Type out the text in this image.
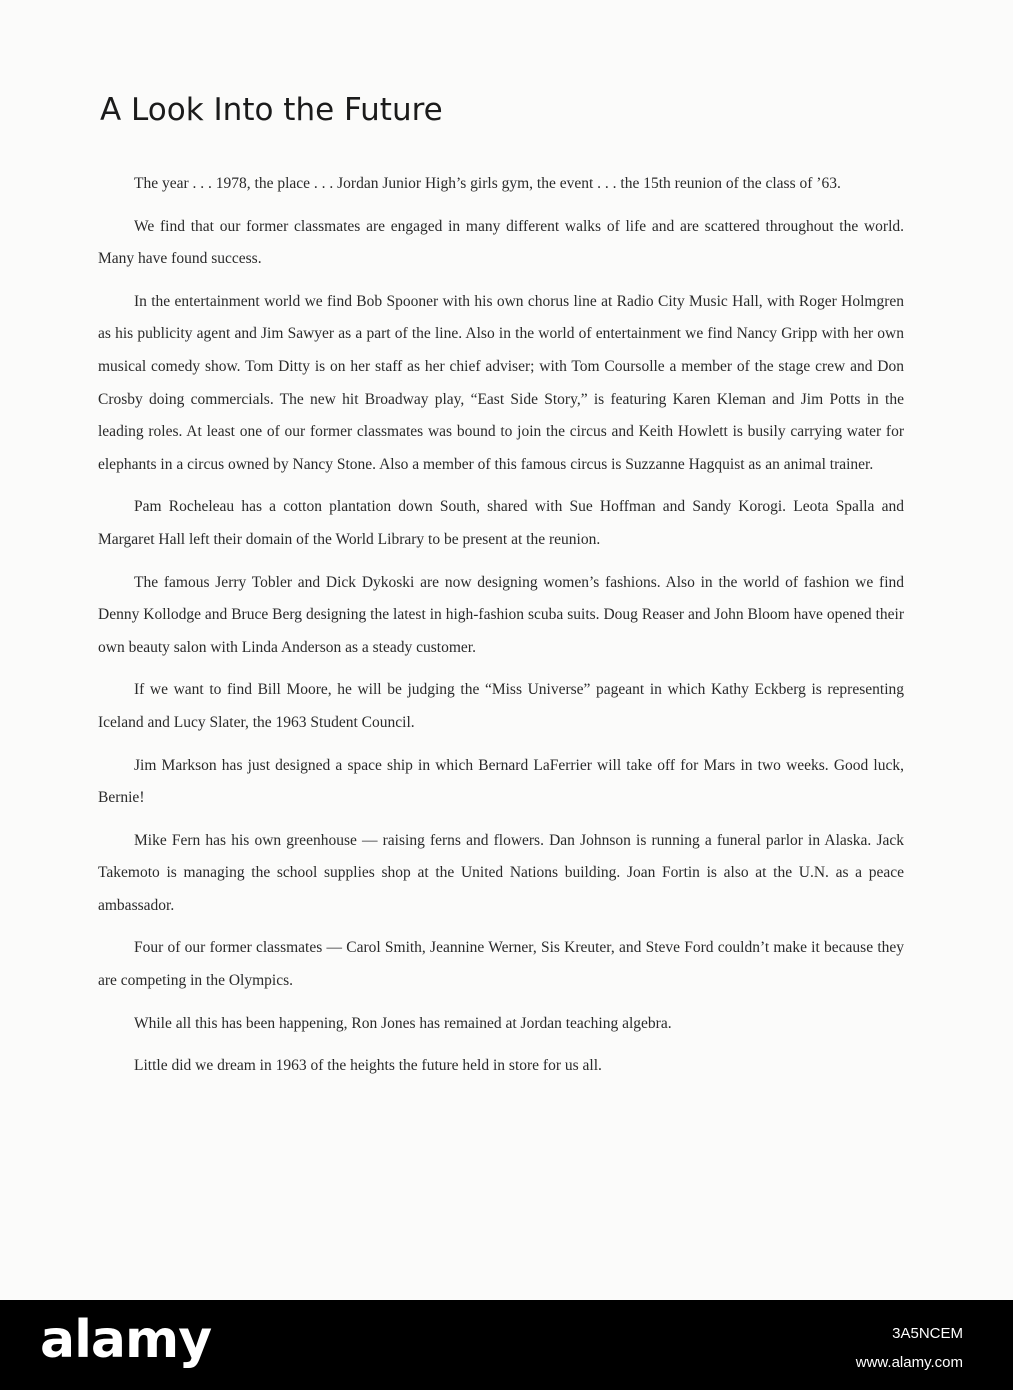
A Look Into the Future

The year . . . 1978, the place . . . Jordan Junior High’s girls gym, the event . . . the 15th reunion of the class of ’63.

We find that our former classmates are engaged in many different walks of life and are scattered throughout the world. Many have found success.

In the entertainment world we find Bob Spooner with his own chorus line at Radio City Music Hall, with Roger Holmgren as his publicity agent and Jim Sawyer as a part of the line. Also in the world of entertainment we find Nancy Gripp with her own musical comedy show. Tom Ditty is on her staff as her chief adviser; with Tom Coursolle a member of the stage crew and Don Crosby doing commercials. The new hit Broadway play, “East Side Story,” is featuring Karen Kleman and Jim Potts in the leading roles. At least one of our former classmates was bound to join the circus and Keith Howlett is busily carrying water for elephants in a circus owned by Nancy Stone. Also a member of this famous circus is Suzzanne Hagquist as an animal trainer.

Pam Rocheleau has a cotton plantation down South, shared with Sue Hoffman and Sandy Korogi. Leota Spalla and Margaret Hall left their domain of the World Library to be present at the reunion.

The famous Jerry Tobler and Dick Dykoski are now designing women’s fashions. Also in the world of fashion we find Denny Kollodge and Bruce Berg designing the latest in high-fashion scuba suits. Doug Reaser and John Bloom have opened their own beauty salon with Linda Anderson as a steady customer.

If we want to find Bill Moore, he will be judging the “Miss Universe” pageant in which Kathy Eckberg is representing Iceland and Lucy Slater, the 1963 Student Council.

Jim Markson has just designed a space ship in which Bernard LaFerrier will take off for Mars in two weeks. Good luck, Bernie!

Mike Fern has his own greenhouse — raising ferns and flowers. Dan Johnson is running a funeral parlor in Alaska. Jack Takemoto is managing the school supplies shop at the United Nations building. Joan Fortin is also at the U.N. as a peace ambassador.

Four of our former classmates — Carol Smith, Jeannine Werner, Sis Kreuter, and Steve Ford couldn’t make it because they are competing in the Olympics.

While all this has been happening, Ron Jones has remained at Jordan teaching algebra.

Little did we dream in 1963 of the heights the future held in store for us all.

alamy	3A5NCEM
www.alamy.com
